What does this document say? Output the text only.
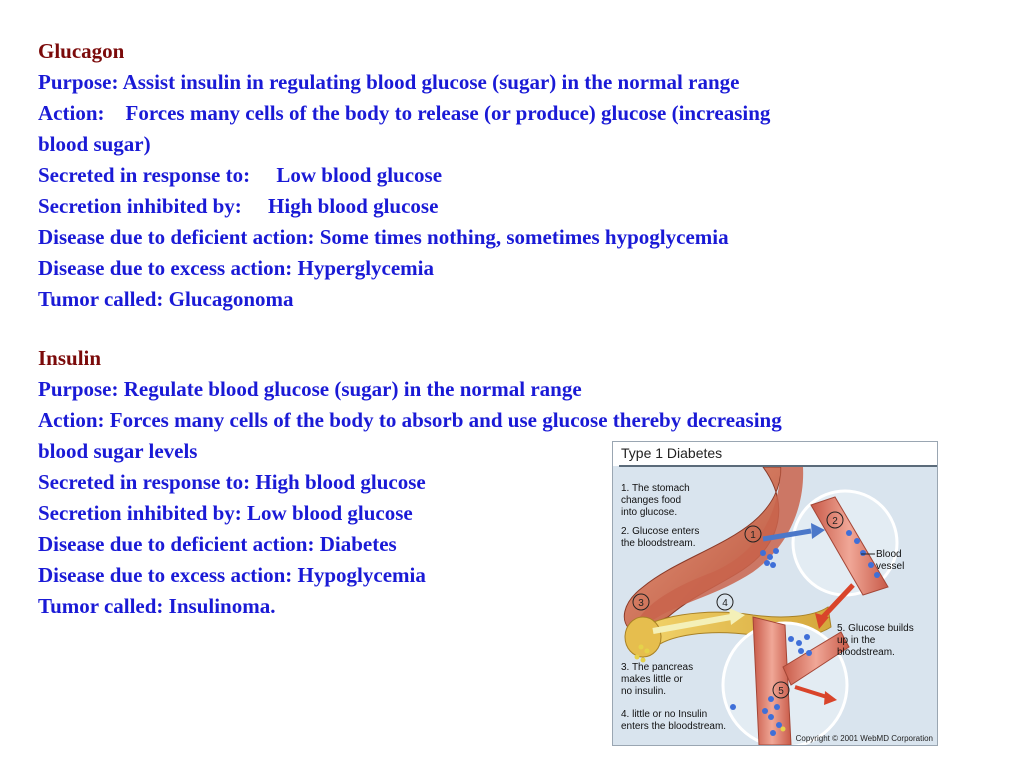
Glucagon
Purpose: Assist insulin in regulating blood glucose (sugar) in the normal range
Action:    Forces many cells of the body to release (or produce) glucose (increasing
blood sugar)
Secreted in response to:     Low blood glucose
Secretion inhibited by:     High blood glucose
Disease due to deficient action: Some times nothing, sometimes hypoglycemia
Disease due to excess action: Hyperglycemia
Tumor called: Glucagonoma
Insulin
Purpose: Regulate blood glucose (sugar) in the normal range
Action: Forces many cells of the body to absorb and use glucose thereby decreasing
blood sugar levels
Secreted in response to: High blood glucose
Secretion inhibited by: Low blood glucose
Disease due to deficient action: Diabetes
Disease due to excess action: Hypoglycemia
Tumor called: Insulinoma.
Type 1 Diabetes
1
2
3	4
5
1. The stomach
changes food
into glucose.
2. Glucose enters
the bloodstream.
3. The pancreas
makes little or
no insulin.
4. little or no Insulin
enters the bloodstream.
5. Glucose builds
up in the
bloodstream.
Blood
vessel
Copyright © 2001 WebMD Corporation
